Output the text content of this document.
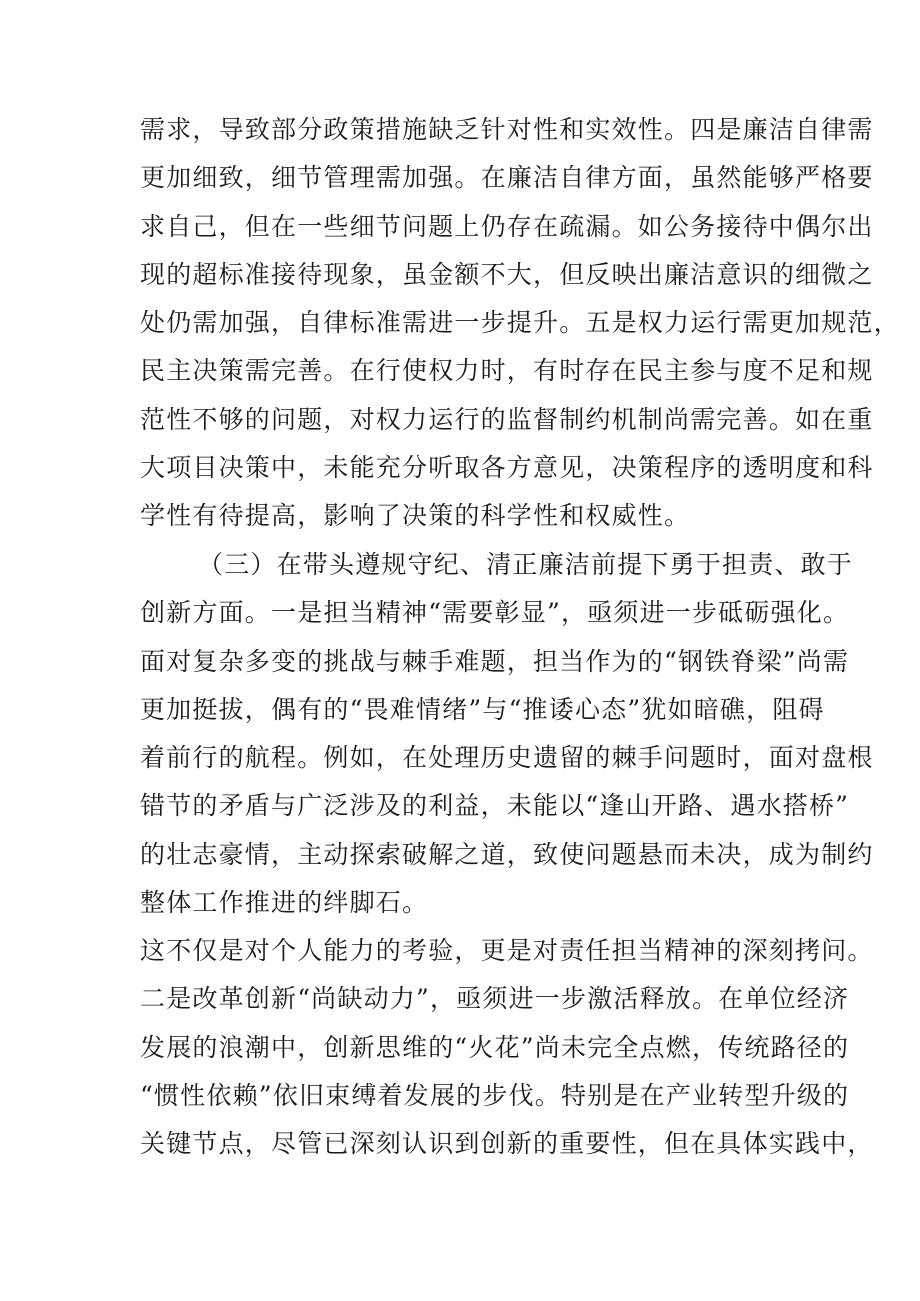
需求，导致部分政策措施缺乏针对性和实效性。四是廉洁自律需
更加细致，细节管理需加强。在廉洁自律方面，虽然能够严格要
求自己，但在一些细节问题上仍存在疏漏。如公务接待中偶尔出
现的超标准接待现象，虽金额不大，但反映出廉洁意识的细微之
处仍需加强，自律标准需进一步提升。五是权力运行需更加规范，
民主决策需完善。在行使权力时，有时存在民主参与度不足和规
范性不够的问题，对权力运行的监督制约机制尚需完善。如在重
大项目决策中，未能充分听取各方意见，决策程序的透明度和科
学性有待提高，影响了决策的科学性和权威性。
（三）在带头遵规守纪、清正廉洁前提下勇于担责、敢于
创新方面。一是担当精神“需要彰显”，亟须进一步砥砺强化。
面对复杂多变的挑战与棘手难题，担当作为的“钢铁脊梁”尚需
更加挺拔，偶有的“畏难情绪”与“推诿心态”犹如暗礁，阻碍
着前行的航程。例如，在处理历史遗留的棘手问题时，面对盘根
错节的矛盾与广泛涉及的利益，未能以“逢山开路、遇水搭桥”
的壮志豪情，主动探索破解之道，致使问题悬而未决，成为制约
整体工作推进的绊脚石。
这不仅是对个人能力的考验，更是对责任担当精神的深刻拷问。
二是改革创新“尚缺动力”，亟须进一步激活释放。在单位经济
发展的浪潮中，创新思维的“火花”尚未完全点燃，传统路径的
“惯性依赖”依旧束缚着发展的步伐。特别是在产业转型升级的
关键节点，尽管已深刻认识到创新的重要性，但在具体实践中，
